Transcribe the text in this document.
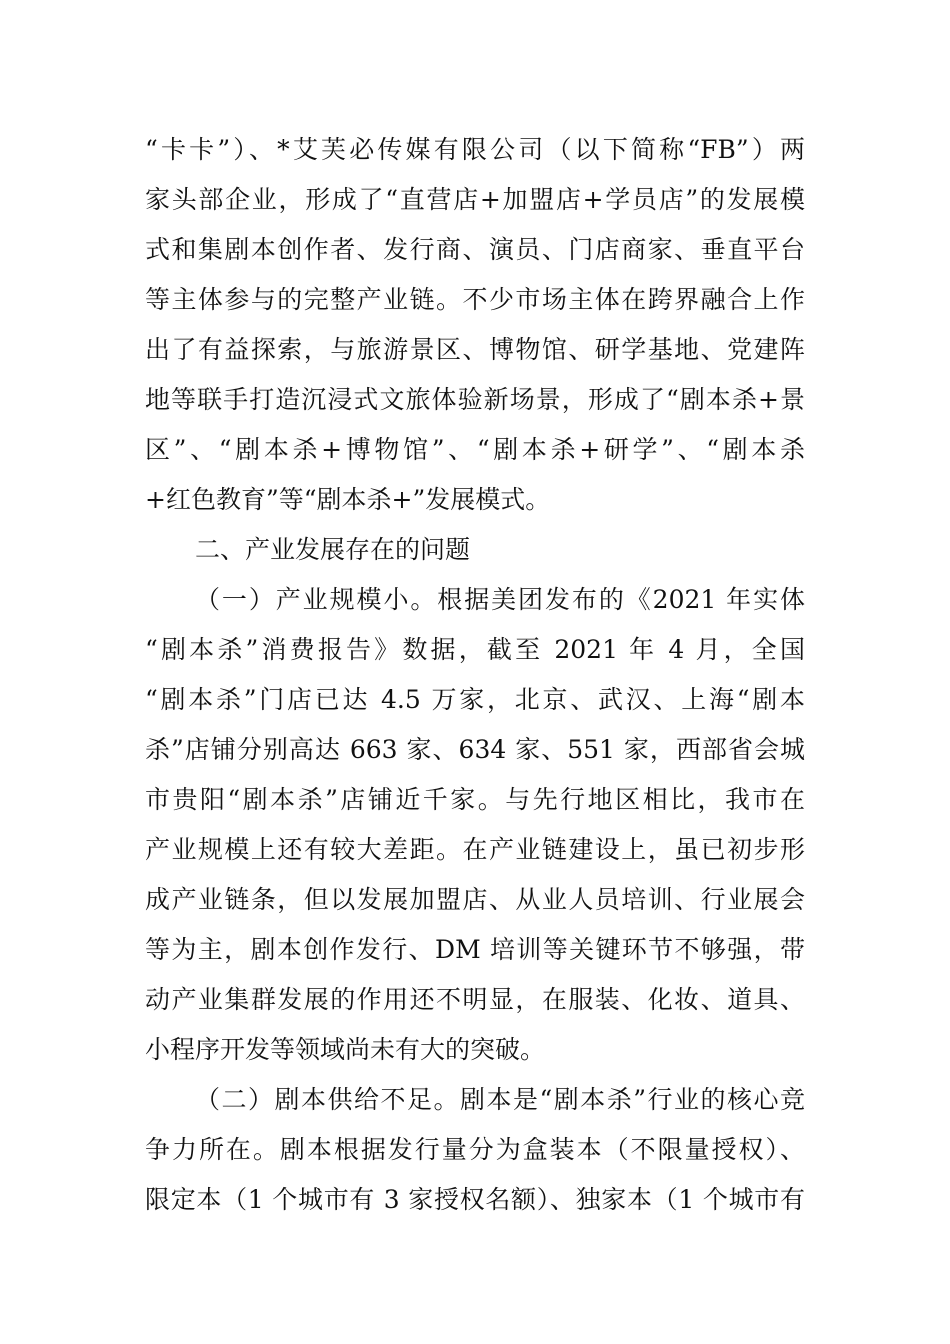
“卡卡”）、*艾芙必传媒有限公司（以下简称“FB”）两
家头部企业，形成了“直营店+加盟店+学员店”的发展模
式和集剧本创作者、发行商、演员、门店商家、垂直平台
等主体参与的完整产业链。不少市场主体在跨界融合上作
出了有益探索，与旅游景区、博物馆、研学基地、党建阵
地等联手打造沉浸式文旅体验新场景，形成了“剧本杀+景
区”、“剧本杀+博物馆”、“剧本杀+研学”、“剧本杀
+红色教育”等“剧本杀+”发展模式。
二、产业发展存在的问题
（一）产业规模小。根据美团发布的《2021 年实体
“剧本杀”消费报告》数据，截至 2021 年 4 月，全国
“剧本杀”门店已达 4.5 万家，北京、武汉、上海“剧本
杀”店铺分别高达 663 家、634 家、551 家，西部省会城
市贵阳“剧本杀”店铺近千家。与先行地区相比，我市在
产业规模上还有较大差距。在产业链建设上，虽已初步形
成产业链条，但以发展加盟店、从业人员培训、行业展会
等为主，剧本创作发行、DM 培训等关键环节不够强，带
动产业集群发展的作用还不明显，在服装、化妆、道具、
小程序开发等领域尚未有大的突破。
（二）剧本供给不足。剧本是“剧本杀”行业的核心竞
争力所在。剧本根据发行量分为盒装本（不限量授权）、
限定本（1 个城市有 3 家授权名额）、独家本（1 个城市有
